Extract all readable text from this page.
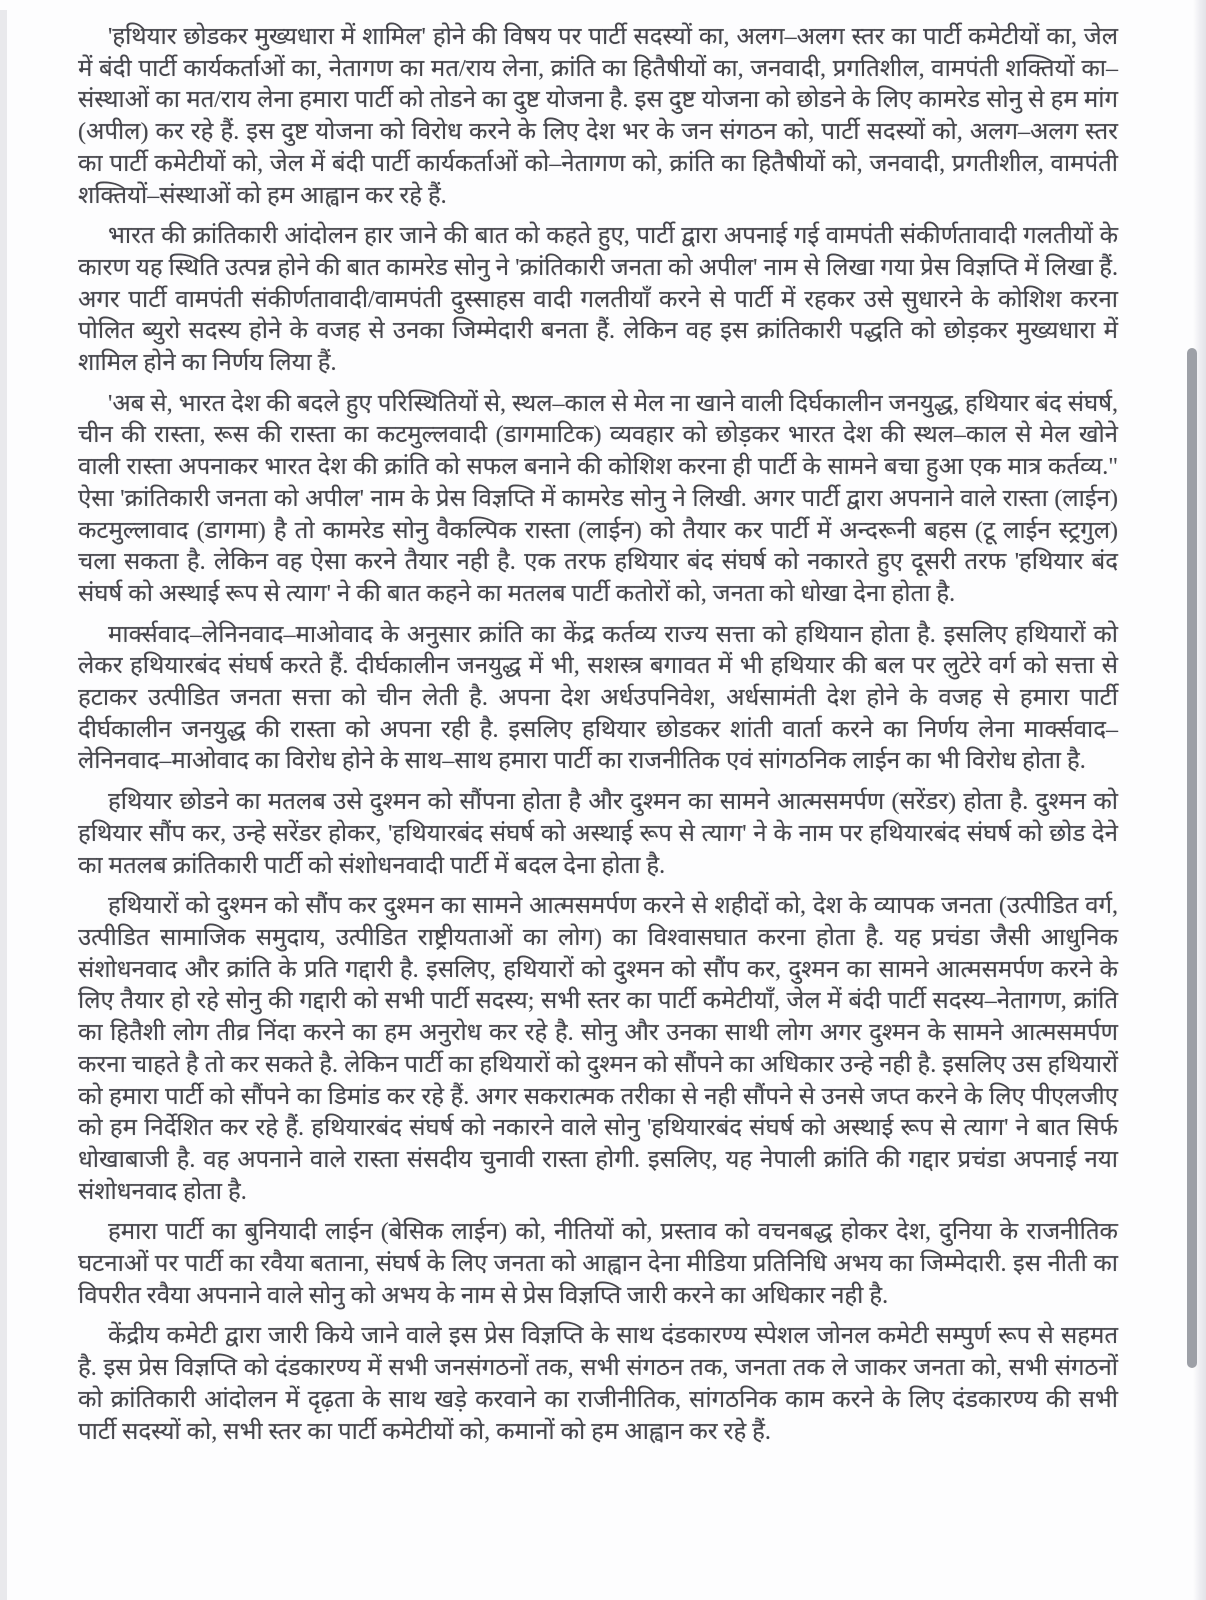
'हथियार छोडकर मुख्यधारा में शामिल' होने की विषय पर पार्टी सदस्यों का, अलग–अलग स्तर का पार्टी कमेटीयों का, जेल में बंदी पार्टी कार्यकर्ताओं का, नेतागण का मत/राय लेना, क्रांति का हितैषीयों का, जनवादी, प्रगतिशील, वामपंती शक्तियों का–संस्थाओं का मत/राय लेना हमारा पार्टी को तोडने का दुष्ट योजना है. इस दुष्ट योजना को छोडने के लिए कामरेड सोनु से हम मांग (अपील) कर रहे हैं. इस दुष्ट योजना को विरोध करने के लिए देश भर के जन संगठन को, पार्टी सदस्यों को, अलग–अलग स्तर का पार्टी कमेटीयों को, जेल में बंदी पार्टी कार्यकर्ताओं को–नेतागण को, क्रांति का हितैषीयों को, जनवादी, प्रगतीशील, वामपंती शक्तियों–संस्थाओं को हम आह्वान कर रहे हैं.

भारत की क्रांतिकारी आंदोलन हार जाने की बात को कहते हुए, पार्टी द्वारा अपनाई गई वामपंती संकीर्णतावादी गलतीयों के कारण यह स्थिति उत्पन्न होने की बात कामरेड सोनु ने 'क्रांतिकारी जनता को अपील' नाम से लिखा गया प्रेस विज्ञप्ति में लिखा हैं. अगर पार्टी वामपंती संकीर्णतावादी/वामपंती दुस्साहस वादी गलतीयाँ करने से पार्टी में रहकर उसे सुधारने के कोशिश करना पोलित ब्युरो सदस्य होने के वजह से उनका जिम्मेदारी बनता हैं. लेकिन वह इस क्रांतिकारी पद्धति को छोड़कर मुख्यधारा में शामिल होने का निर्णय लिया हैं.

'अब से, भारत देश की बदले हुए परिस्थितियों से, स्थल–काल से मेल ना खाने वाली दिर्घकालीन जनयुद्ध, हथियार बंद संघर्ष, चीन की रास्ता, रूस की रास्ता का कटमुल्लवादी (डागमाटिक) व्यवहार को छोड़कर भारत देश की स्थल–काल से मेल खोने वाली रास्ता अपनाकर भारत देश की क्रांति को सफल बनाने की कोशिश करना ही पार्टी के सामने बचा हुआ एक मात्र कर्तव्य." ऐसा 'क्रांतिकारी जनता को अपील' नाम के प्रेस विज्ञप्ति में कामरेड सोनु ने लिखी. अगर पार्टी द्वारा अपनाने वाले रास्ता (लाईन) कटमुल्लावाद (डागमा) है तो कामरेड सोनु वैकल्पिक रास्ता (लाईन) को तैयार कर पार्टी में अन्दरूनी बहस (टू लाईन स्ट्रगुल) चला सकता है. लेकिन वह ऐसा करने तैयार नही है. एक तरफ हथियार बंद संघर्ष को नकारते हुए दूसरी तरफ 'हथियार बंद संघर्ष को अस्थाई रूप से त्याग' ने की बात कहने का मतलब पार्टी कतोरों को, जनता को धोखा देना होता है.

मार्क्सवाद–लेनिनवाद–माओवाद के अनुसार क्रांति का केंद्र कर्तव्य राज्य सत्ता को हथियान होता है. इसलिए हथियारों को लेकर हथियारबंद संघर्ष करते हैं. दीर्घकालीन जनयुद्ध में भी, सशस्त्र बगावत में भी हथियार की बल पर लुटेरे वर्ग को सत्ता से हटाकर उत्पीडित जनता सत्ता को चीन लेती है. अपना देश अर्धउपनिवेश, अर्धसामंती देश होने के वजह से हमारा पार्टी दीर्घकालीन जनयुद्ध की रास्ता को अपना रही है. इसलिए हथियार छोडकर शांती वार्ता करने का निर्णय लेना मार्क्सवाद–लेनिनवाद–माओवाद का विरोध होने के साथ–साथ हमारा पार्टी का राजनीतिक एवं सांगठनिक लाईन का भी विरोध होता है.

हथियार छोडने का मतलब उसे दुश्मन को सौंपना होता है और दुश्मन का सामने आत्मसमर्पण (सरेंडर) होता है. दुश्मन को हथियार सौंप कर, उन्हे सरेंडर होकर, 'हथियारबंद संघर्ष को अस्थाई रूप से त्याग' ने के नाम पर हथियारबंद संघर्ष को छोड देने का मतलब क्रांतिकारी पार्टी को संशोधनवादी पार्टी में बदल देना होता है.

हथियारों को दुश्मन को सौंप कर दुश्मन का सामने आत्मसमर्पण करने से शहीदों को, देश के व्यापक जनता (उत्पीडित वर्ग, उत्पीडित सामाजिक समुदाय, उत्पीडित राष्ट्रीयताओं का लोग) का विश्वासघात करना होता है. यह प्रचंडा जैसी आधुनिक संशोधनवाद और क्रांति के प्रति गद्दारी है. इसलिए, हथियारों को दुश्मन को सौंप कर, दुश्मन का सामने आत्मसमर्पण करने के लिए तैयार हो रहे सोनु की गद्दारी को सभी पार्टी सदस्य; सभी स्तर का पार्टी कमेटीयाँ, जेल में बंदी पार्टी सदस्य–नेतागण, क्रांति का हितैशी लोग तीव्र निंदा करने का हम अनुरोध कर रहे है. सोनु और उनका साथी लोग अगर दुश्मन के सामने आत्मसमर्पण करना चाहते है तो कर सकते है. लेकिन पार्टी का हथियारों को दुश्मन को सौंपने का अधिकार उन्हे नही है. इसलिए उस हथियारों को हमारा पार्टी को सौंपने का डिमांड कर रहे हैं. अगर सकरात्मक तरीका से नही सौंपने से उनसे जप्त करने के लिए पीएलजीए को हम निर्देशित कर रहे हैं. हथियारबंद संघर्ष को नकारने वाले सोनु 'हथियारबंद संघर्ष को अस्थाई रूप से त्याग' ने बात सिर्फ धोखाबाजी है. वह अपनाने वाले रास्ता संसदीय चुनावी रास्ता होगी. इसलिए, यह नेपाली क्रांति की गद्दार प्रचंडा अपनाई नया संशोधनवाद होता है.

हमारा पार्टी का बुनियादी लाईन (बेसिक लाईन) को, नीतियों को, प्रस्ताव को वचनबद्ध होकर देश, दुनिया के राजनीतिक घटनाओं पर पार्टी का रवैया बताना, संघर्ष के लिए जनता को आह्वान देना मीडिया प्रतिनिधि अभय का जिम्मेदारी. इस नीती का विपरीत रवैया अपनाने वाले सोनु को अभय के नाम से प्रेस विज्ञप्ति जारी करने का अधिकार नही है.

केंद्रीय कमेटी द्वारा जारी किये जाने वाले इस प्रेस विज्ञप्ति के साथ दंडकारण्य स्पेशल जोनल कमेटी सम्पुर्ण रूप से सहमत है. इस प्रेस विज्ञप्ति को दंडकारण्य में सभी जनसंगठनों तक, सभी संगठन तक, जनता तक ले जाकर जनता को, सभी संगठनों को क्रांतिकारी आंदोलन में दृढ़ता के साथ खड़े करवाने का राजीनीतिक, सांगठनिक काम करने के लिए दंडकारण्य की सभी पार्टी सदस्यों को, सभी स्तर का पार्टी कमेटीयों को, कमानों को हम आह्वान कर रहे हैं.
